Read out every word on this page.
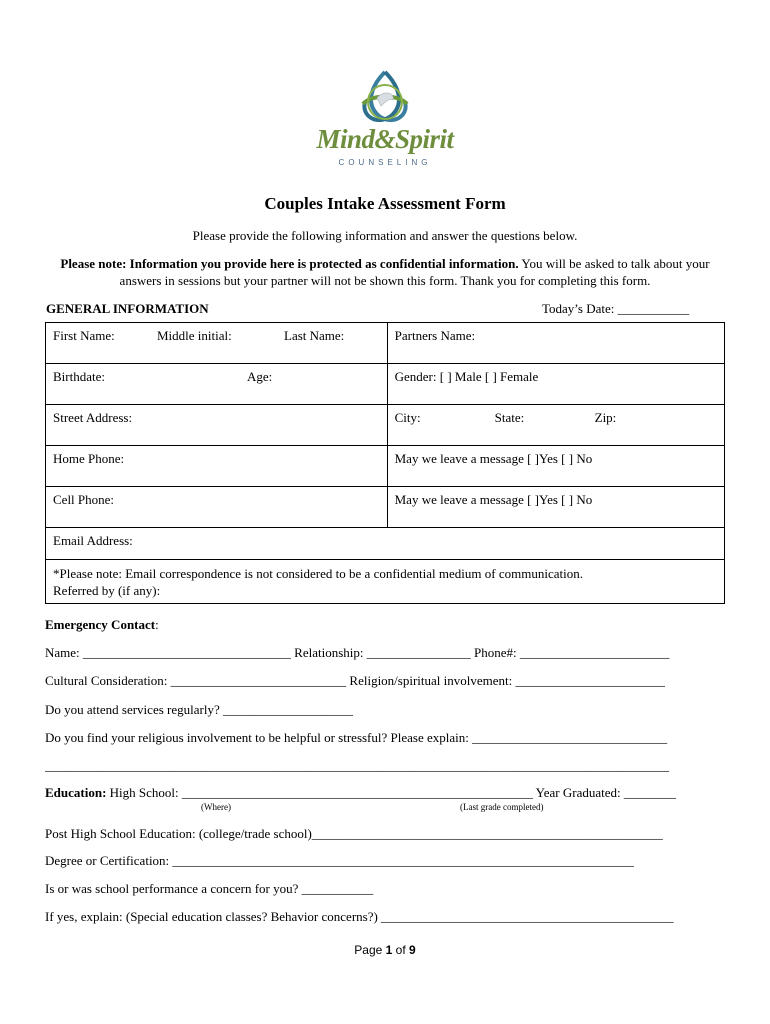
Mind&Spirit
COUNSELING
Couples Intake Assessment Form
Please provide the following information and answer the questions below.
Please note: Information you provide here is protected as confidential information. You will be asked to talk about your answers in sessions but your partner will not be shown this form. Thank you for completing this form.
GENERAL INFORMATION	Today’s Date: ___________
First Name: Middle initial: Last Name:	Partners Name:
Birthdate: Age:	Gender: [ ] Male [ ] Female
Street Address:	City: State: Zip:
Home Phone:	May we leave a message [ ]Yes [ ] No
Cell Phone:	May we leave a message [ ]Yes [ ] No
Email Address:	

*Please note: Email correspondence is not considered to be a confidential medium of communication.
Referred by (if any):	
Emergency Contact:
Name: ________________________________ Relationship: ________________ Phone#: _______________________
Cultural Consideration: ___________________________ Religion/spiritual involvement: _______________________
Do you attend services regularly? ____________________
Do you find your religious involvement to be helpful or stressful? Please explain: ______________________________
________________________________________________________________________________________________
Education: High School: ______________________________________________________ Year Graduated: ________
(Where)	(Last grade completed)
Post High School Education: (college/trade school)______________________________________________________
Degree or Certification: _______________________________________________________________________
Is or was school performance a concern for you? ___________
If yes, explain: (Special education classes? Behavior concerns?) _____________________________________________
Page 1 of 9
